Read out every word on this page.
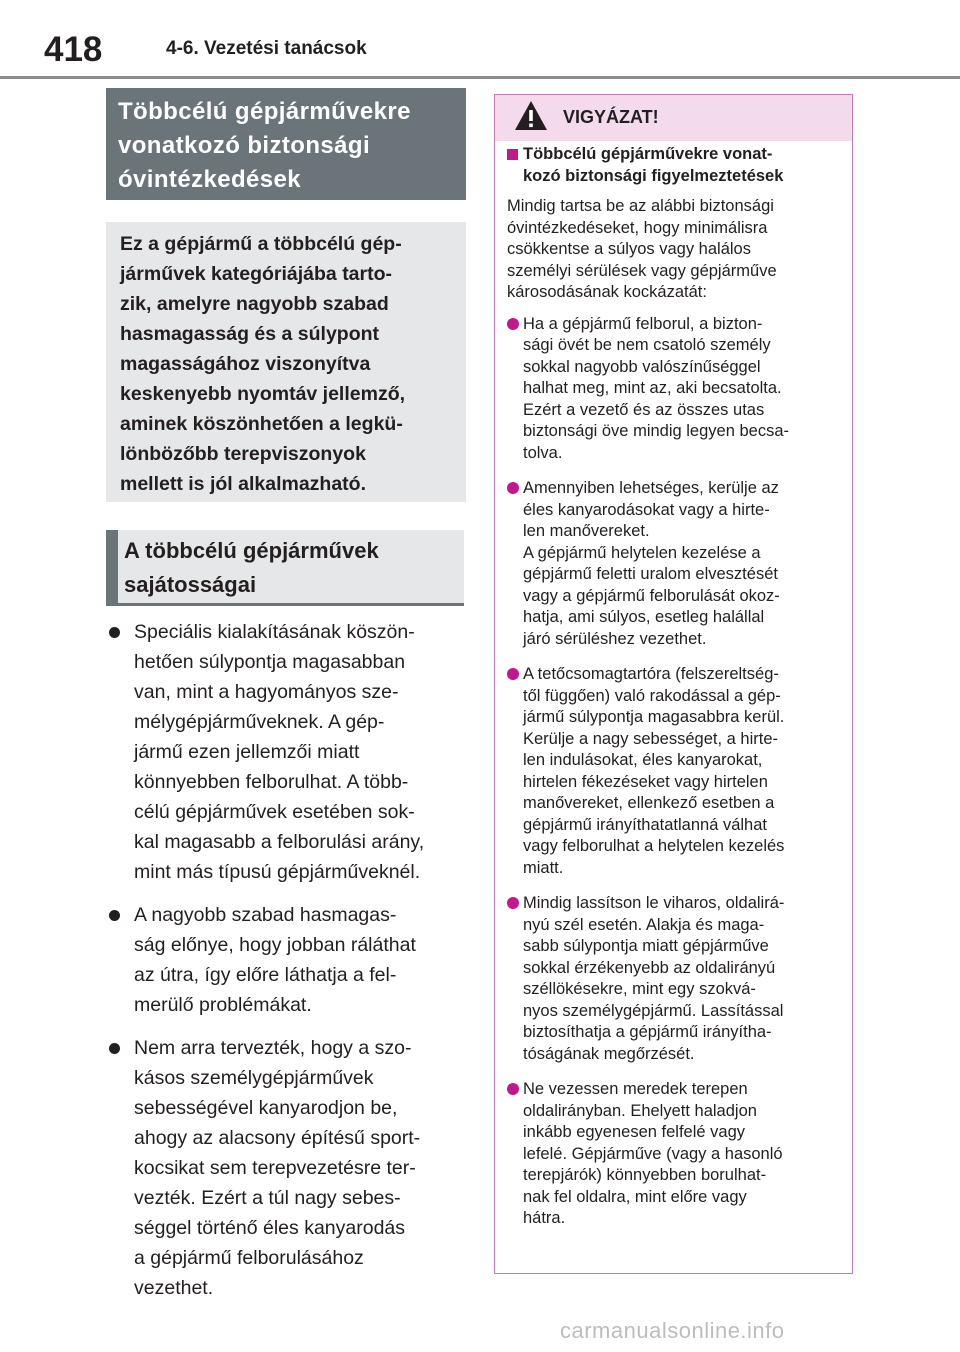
418	4-6. Vezetési tanácsok
Többcélú gépjárművekre
vonatkozó biztonsági
óvintézkedések
Ez a gépjármű a többcélú gép-
járművek kategóriájába tarto-
zik, amelyre nagyobb szabad
hasmagasság és a súlypont
magasságához viszonyítva
keskenyebb nyomtáv jellemző,
aminek köszönhetően a legkü-
lönbözőbb terepviszonyok
mellett is jól alkalmazható.
A többcélú gépjárművek
sajátosságai
Speciális kialakításának köszön-
hetően súlypontja magasabban
van, mint a hagyományos sze-
mélygépjárműveknek. A gép-
jármű ezen jellemzői miatt
könnyebben felborulhat. A több-
célú gépjárművek esetében sok-
kal magasabb a felborulási arány,
mint más típusú gépjárműveknél.
A nagyobb szabad hasmagas-
ság előnye, hogy jobban ráláthat
az útra, így előre láthatja a fel-
merülő problémákat.
Nem arra tervezték, hogy a szo-
kásos személygépjárművek
sebességével kanyarodjon be,
ahogy az alacsony építésű sport-
kocsikat sem terepvezetésre ter-
vezték. Ezért a túl nagy sebes-
séggel történő éles kanyarodás
a gépjármű felborulásához
vezethet.
VIGYÁZAT!
Többcélú gépjárművekre vonat-
kozó biztonsági figyelmeztetések
Mindig tartsa be az alábbi biztonsági
óvintézkedéseket, hogy minimálisra
csökkentse a súlyos vagy halálos
személyi sérülések vagy gépjárműve
károsodásának kockázatát:
Ha a gépjármű felborul, a bizton-
sági övét be nem csatoló személy
sokkal nagyobb valószínűséggel
halhat meg, mint az, aki becsatolta.
Ezért a vezető és az összes utas
biztonsági öve mindig legyen becsa-
tolva.
Amennyiben lehetséges, kerülje az
éles kanyarodásokat vagy a hirte-
len manővereket.
A gépjármű helytelen kezelése a
gépjármű feletti uralom elvesztését
vagy a gépjármű felborulását okoz-
hatja, ami súlyos, esetleg halállal
járó sérüléshez vezethet.
A tetőcsomagtartóra (felszereltség-
től függően) való rakodással a gép-
jármű súlypontja magasabbra kerül.
Kerülje a nagy sebességet, a hirte-
len indulásokat, éles kanyarokat,
hirtelen fékezéseket vagy hirtelen
manővereket, ellenkező esetben a
gépjármű irányíthatatlanná válhat
vagy felborulhat a helytelen kezelés
miatt.
Mindig lassítson le viharos, oldalirá-
nyú szél esetén. Alakja és maga-
sabb súlypontja miatt gépjárműve
sokkal érzékenyebb az oldalirányú
széllökésekre, mint egy szokvá-
nyos személygépjármű. Lassítással
biztosíthatja a gépjármű irányítha-
tóságának megőrzését.
Ne vezessen meredek terepen
oldalirányban. Ehelyett haladjon
inkább egyenesen felfelé vagy
lefelé. Gépjárműve (vagy a hasonló
terepjárók) könnyebben borulhat-
nak fel oldalra, mint előre vagy
hátra.
carmanualsonline.info
